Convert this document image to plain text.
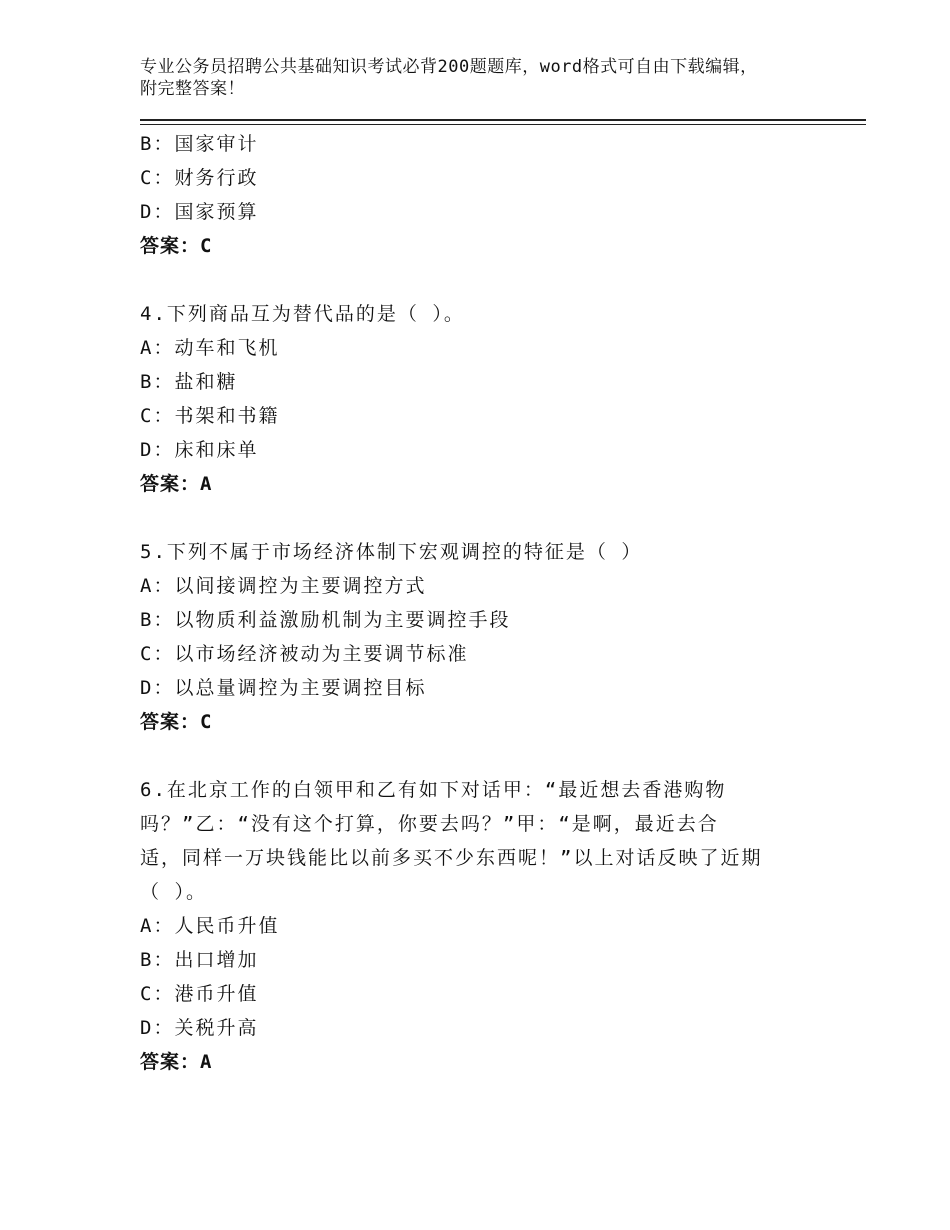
专业公务员招聘公共基础知识考试必背200题题库，word格式可自由下载编辑，
附完整答案！
B：国家审计
C：财务行政
D：国家预算
答案：C
4.下列商品互为替代品的是（ ）。
A：动车和飞机
B：盐和糖
C：书架和书籍
D：床和床单
答案：A
5.下列不属于市场经济体制下宏观调控的特征是（ ）
A：以间接调控为主要调控方式
B：以物质利益激励机制为主要调控手段
C：以市场经济被动为主要调节标准
D：以总量调控为主要调控目标
答案：C
6.在北京工作的白领甲和乙有如下对话甲：“最近想去香港购物
吗？”乙：“没有这个打算，你要去吗？”甲：“是啊，最近去合
适，同样一万块钱能比以前多买不少东西呢！”以上对话反映了近期
（ ）。
A：人民币升值
B：出口增加
C：港币升值
D：关税升高
答案：A
